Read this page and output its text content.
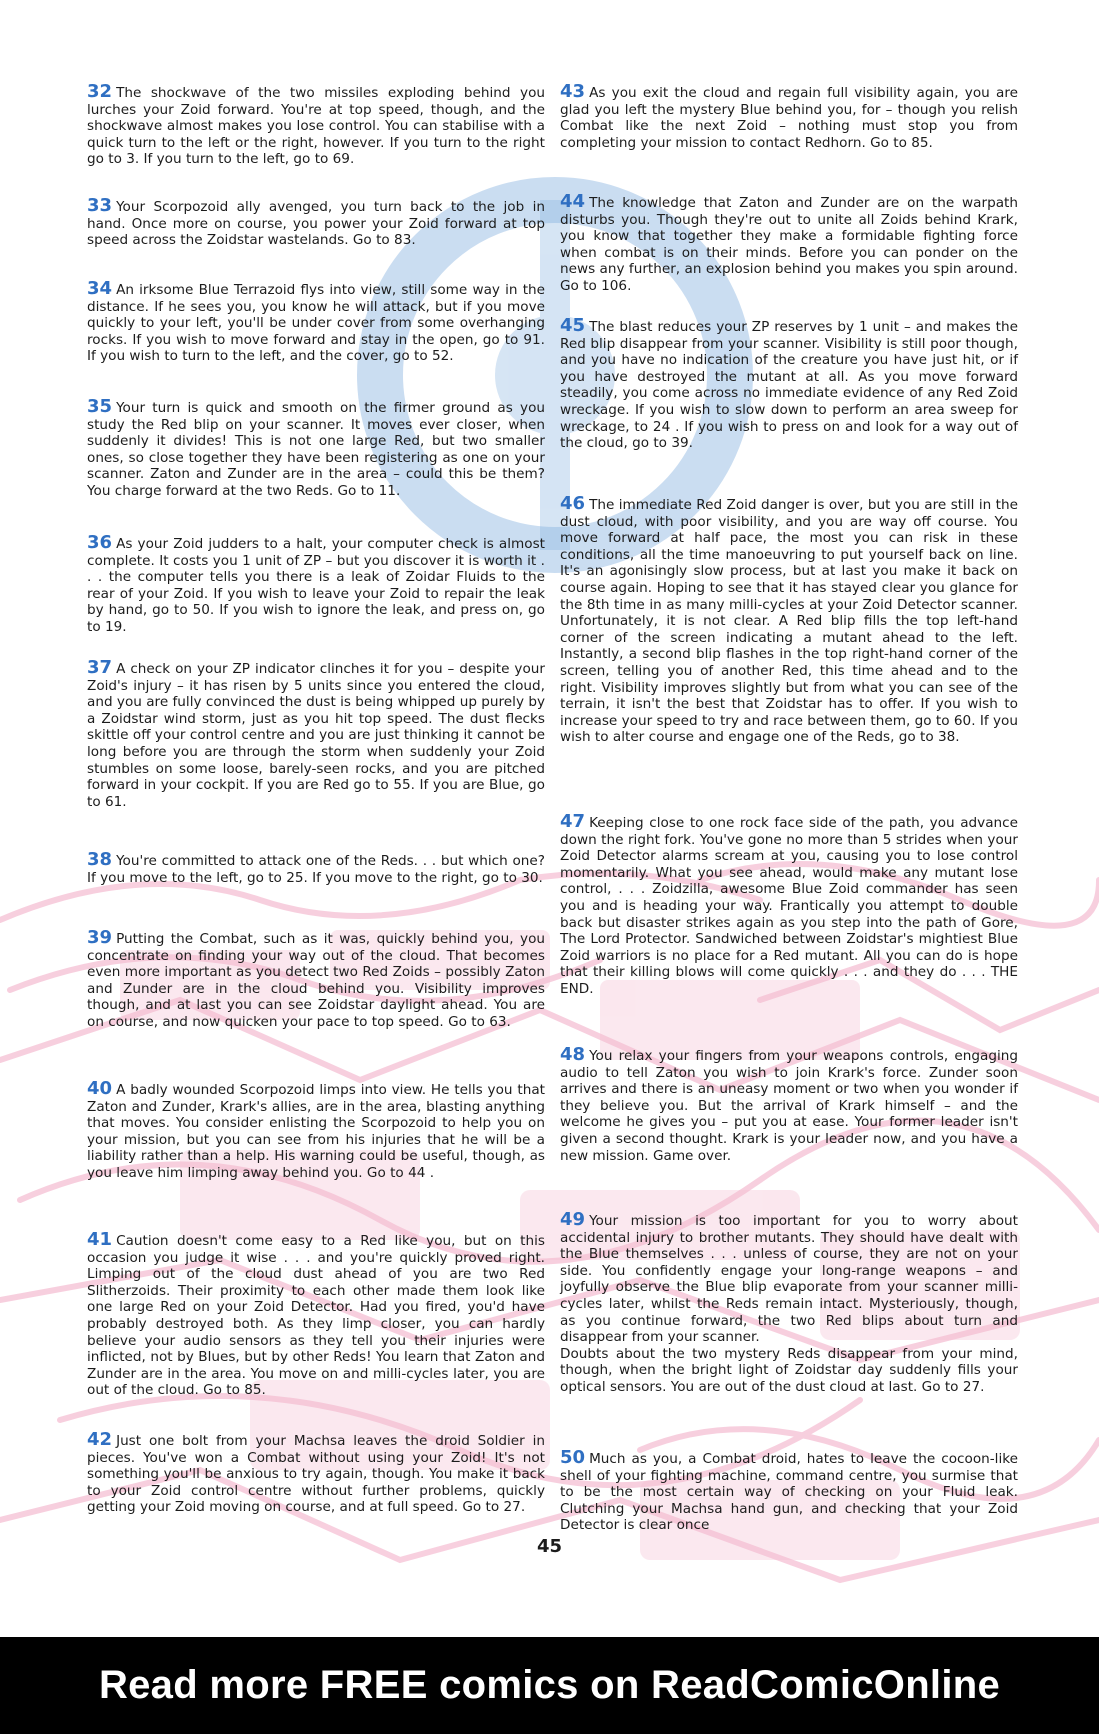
32 The shockwave of the two missiles exploding behind you lurches your Zoid forward. You're at top speed, though, and the shockwave almost makes you lose control. You can stabilise with a quick turn to the left or the right, however. If you turn to the right go to 3. If you turn to the left, go to 69.

33 Your Scorpozoid ally avenged, you turn back to the job in hand. Once more on course, you power your Zoid forward at top speed across the Zoidstar wastelands. Go to 83.

34 An irksome Blue Terrazoid flys into view, still some way in the distance. If he sees you, you know he will attack, but if you move quickly to your left, you'll be under cover from some overhanging rocks. If you wish to move forward and stay in the open, go to 91. If you wish to turn to the left, and the cover, go to 52.

35 Your turn is quick and smooth on the firmer ground as you study the Red blip on your scanner. It moves ever closer, when suddenly it divides! This is not one large Red, but two smaller ones, so close together they have been registering as one on your scanner. Zaton and Zunder are in the area – could this be them? You charge forward at the two Reds. Go to 11.

36 As your Zoid judders to a halt, your computer check is almost complete. It costs you 1 unit of ZP – but you discover it is worth it . . . the computer tells you there is a leak of Zoidar Fluids to the rear of your Zoid. If you wish to leave your Zoid to repair the leak by hand, go to 50. If you wish to ignore the leak, and press on, go to 19.

37 A check on your ZP indicator clinches it for you – despite your Zoid's injury – it has risen by 5 units since you entered the cloud, and you are fully convinced the dust is being whipped up purely by a Zoidstar wind storm, just as you hit top speed. The dust flecks skittle off your control centre and you are just thinking it cannot be long before you are through the storm when suddenly your Zoid stumbles on some loose, barely-seen rocks, and you are pitched forward in your cockpit. If you are Red go to 55. If you are Blue, go to 61.

38 You're committed to attack one of the Reds. . . but which one? If you move to the left, go to 25. If you move to the right, go to 30.

39 Putting the Combat, such as it was, quickly behind you, you concentrate on finding your way out of the cloud. That becomes even more important as you detect two Red Zoids – possibly Zaton and Zunder are in the cloud behind you. Visibility improves though, and at last you can see Zoidstar daylight ahead. You are on course, and now quicken your pace to top speed. Go to 63.

40 A badly wounded Scorpozoid limps into view. He tells you that Zaton and Zunder, Krark's allies, are in the area, blasting anything that moves. You consider enlisting the Scorpozoid to help you on your mission, but you can see from his injuries that he will be a liability rather than a help. His warning could be useful, though, as you leave him limping away behind you. Go to 44 .

41 Caution doesn't come easy to a Red like you, but on this occasion you judge it wise . . . and you're quickly proved right. Limping out of the cloud dust ahead of you are two Red Slitherzoids. Their proximity to each other made them look like one large Red on your Zoid Detector. Had you fired, you'd have probably destroyed both. As they limp closer, you can hardly believe your audio sensors as they tell you their injuries were inflicted, not by Blues, but by other Reds! You learn that Zaton and Zunder are in the area. You move on and milli-cycles later, you are out of the cloud. Go to 85.

42 Just one bolt from your Machsa leaves the droid Soldier in pieces. You've won a Combat without using your Zoid! It's not something you'll be anxious to try again, though. You make it back to your Zoid control centre without further problems, quickly getting your Zoid moving on course, and at full speed. Go to 27.

43 As you exit the cloud and regain full visibility again, you are glad you left the mystery Blue behind you, for – though you relish Combat like the next Zoid – nothing must stop you from completing your mission to contact Redhorn. Go to 85.

44 The knowledge that Zaton and Zunder are on the warpath disturbs you. Though they're out to unite all Zoids behind Krark, you know that together they make a formidable fighting force when combat is on their minds. Before you can ponder on the news any further, an explosion behind you makes you spin around. Go to 106.

45 The blast reduces your ZP reserves by 1 unit – and makes the Red blip disappear from your scanner. Visibility is still poor though, and you have no indication of the creature you have just hit, or if you have destroyed the mutant at all. As you move forward steadily, you come across no immediate evidence of any Red Zoid wreckage. If you wish to slow down to perform an area sweep for wreckage, to 24 . If you wish to press on and look for a way out of the cloud, go to 39.

46 The immediate Red Zoid danger is over, but you are still in the dust cloud, with poor visibility, and you are way off course. You move forward at half pace, the most you can risk in these conditions, all the time manoeuvring to put yourself back on line. It's an agonisingly slow process, but at last you make it back on course again. Hoping to see that it has stayed clear you glance for the 8th time in as many milli-cycles at your Zoid Detector scanner. Unfortunately, it is not clear. A Red blip fills the top left-hand corner of the screen indicating a mutant ahead to the left. Instantly, a second blip flashes in the top right-hand corner of the screen, telling you of another Red, this time ahead and to the right. Visibility improves slightly but from what you can see of the terrain, it isn't the best that Zoidstar has to offer. If you wish to increase your speed to try and race between them, go to 60. If you wish to alter course and engage one of the Reds, go to 38.

47 Keeping close to one rock face side of the path, you advance down the right fork. You've gone no more than 5 strides when your Zoid Detector alarms scream at you, causing you to lose control momentarily. What you see ahead, would make any mutant lose control, . . . Zoidzilla, awesome Blue Zoid commander has seen you and is heading your way. Frantically you attempt to double back but disaster strikes again as you step into the path of Gore, The Lord Protector. Sandwiched between Zoidstar's mightiest Blue Zoid warriors is no place for a Red mutant. All you can do is hope that their killing blows will come quickly . . . and they do . . . THE END.

48 You relax your fingers from your weapons controls, engaging audio to tell Zaton you wish to join Krark's force. Zunder soon arrives and there is an uneasy moment or two when you wonder if they believe you. But the arrival of Krark himself – and the welcome he gives you – put you at ease. Your former leader isn't given a second thought. Krark is your leader now, and you have a new mission. Game over.

49 Your mission is too important for you to worry about accidental injury to brother mutants. They should have dealt with the Blue themselves . . . unless of course, they are not on your side. You confidently engage your long-range weapons – and joyfully observe the Blue blip evaporate from your scanner milli-cycles later, whilst the Reds remain intact. Mysteriously, though, as you continue forward, the two Red blips about turn and disappear from your scanner.

Doubts about the two mystery Reds disappear from your mind, though, when the bright light of Zoidstar day suddenly fills your optical sensors. You are out of the dust cloud at last. Go to 27.

50 Much as you, a Combat droid, hates to leave the cocoon-like shell of your fighting machine, command centre, you surmise that to be the most certain way of checking on your Fluid leak. Clutching your Machsa hand gun, and checking that your Zoid Detector is clear once

45
Read more FREE comics on ReadComicOnline
